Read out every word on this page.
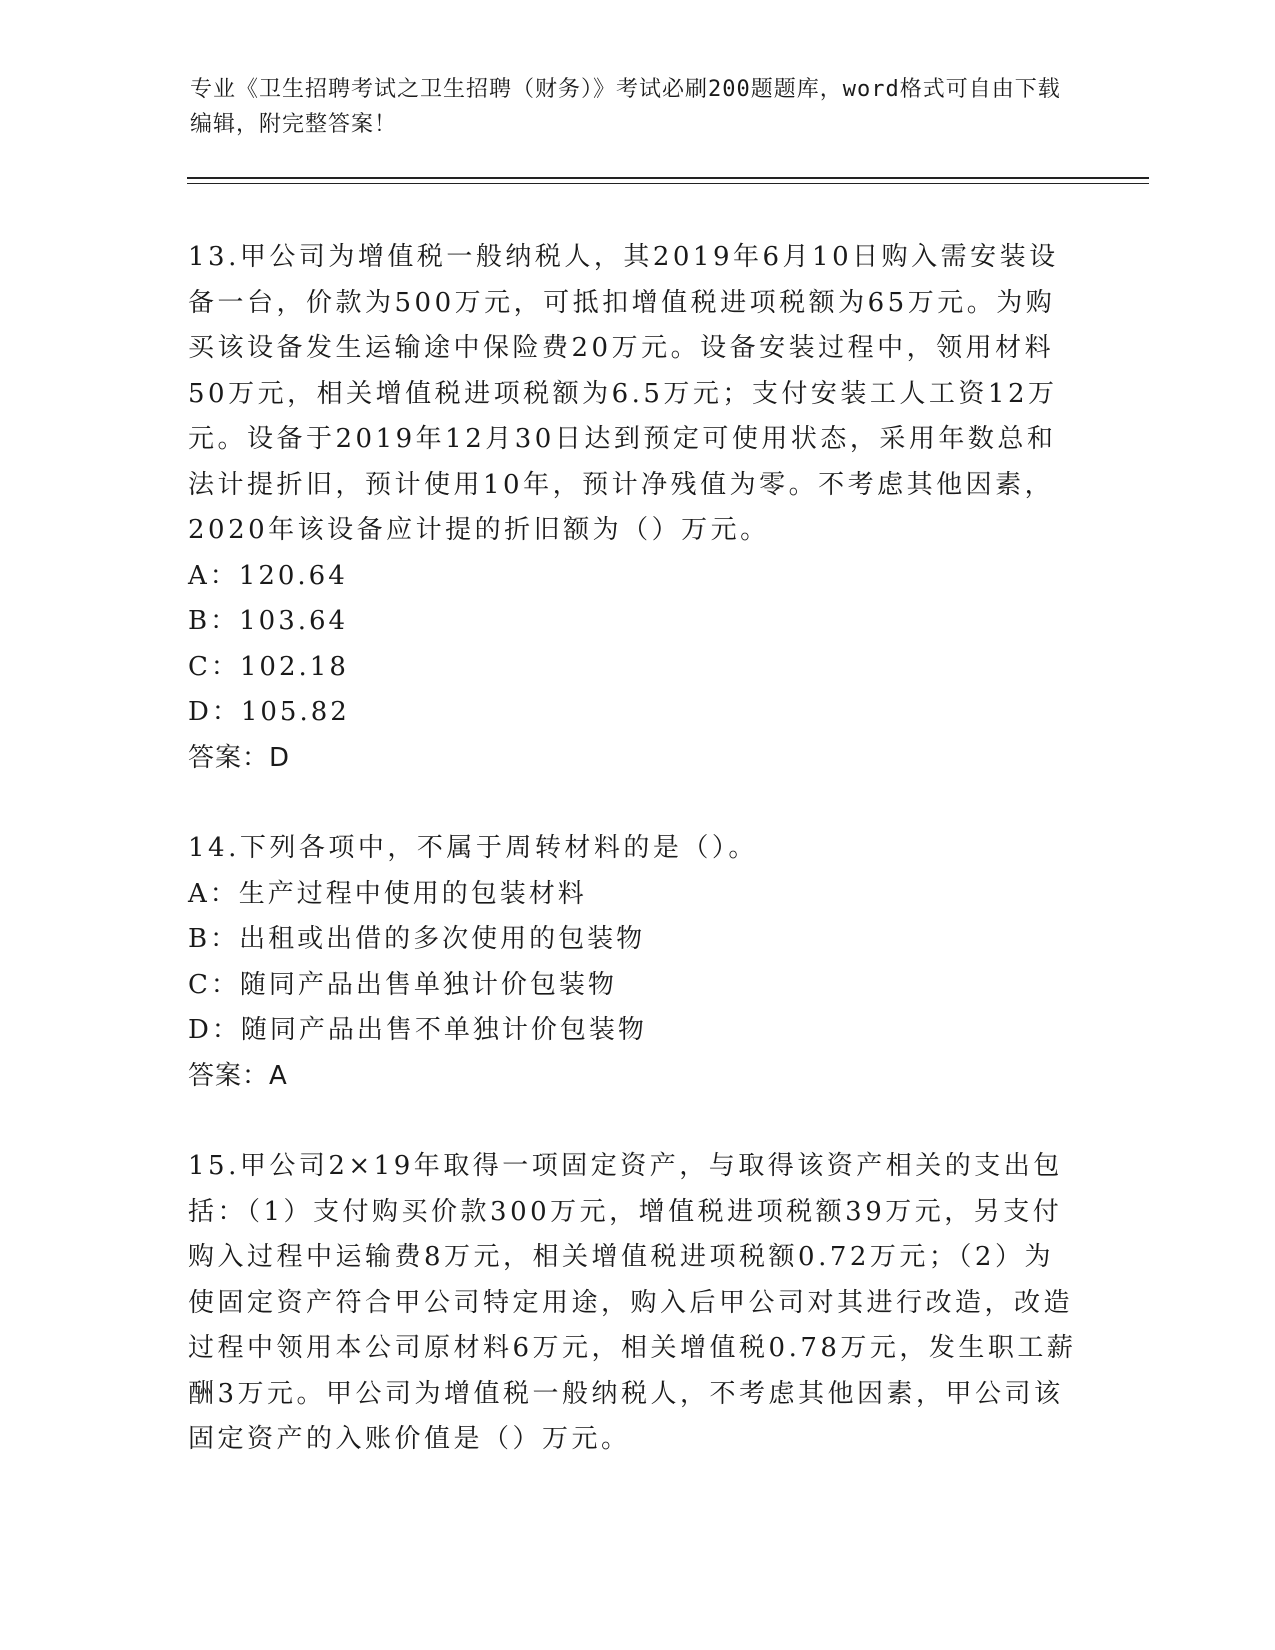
专业《卫生招聘考试之卫生招聘（财务）》考试必刷200题题库，word格式可自由下载编辑，附完整答案！

13.甲公司为增值税一般纳税人，其2019年6月10日购入需安装设备一台，价款为500万元，可抵扣增值税进项税额为65万元。为购买该设备发生运输途中保险费20万元。设备安装过程中，领用材料50万元，相关增值税进项税额为6.5万元；支付安装工人工资12万元。设备于2019年12月30日达到预定可使用状态，采用年数总和法计提折旧，预计使用10年，预计净残值为零。不考虑其他因素，2020年该设备应计提的折旧额为（）万元。

A：120.64

B：103.64

C：102.18

D：105.82

答案：D

14.下列各项中，不属于周转材料的是（）。

A：生产过程中使用的包装材料

B：出租或出借的多次使用的包装物

C：随同产品出售单独计价包装物

D：随同产品出售不单独计价包装物

答案：A

15.甲公司2×19年取得一项固定资产，与取得该资产相关的支出包括：（1）支付购买价款300万元，增值税进项税额39万元，另支付购入过程中运输费8万元，相关增值税进项税额0.72万元；（2）为使固定资产符合甲公司特定用途，购入后甲公司对其进行改造，改造过程中领用本公司原材料6万元，相关增值税0.78万元，发生职工薪酬3万元。甲公司为增值税一般纳税人，不考虑其他因素，甲公司该固定资产的入账价值是（）万元。
